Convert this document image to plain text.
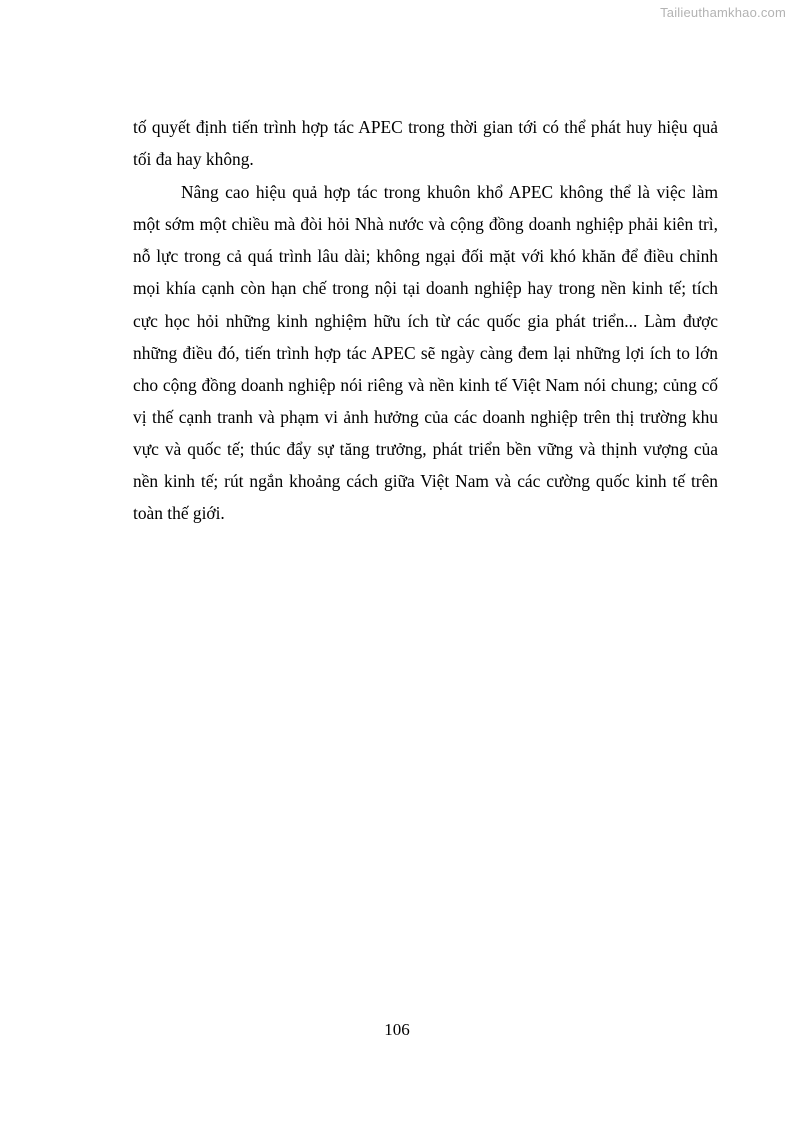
Tailieuthamkhao.com

tố quyết định tiến trình hợp tác APEC trong thời gian tới có thể phát huy hiệu quả tối đa hay không.

Nâng cao hiệu quả hợp tác trong khuôn khổ APEC không thể là việc làm một sớm một chiều mà đòi hỏi Nhà nước và cộng đồng doanh nghiệp phải kiên trì, nỗ lực trong cả quá trình lâu dài; không ngại đối mặt với khó khăn để điều chỉnh mọi khía cạnh còn hạn chế trong nội tại doanh nghiệp hay trong nền kinh tế; tích cực học hỏi những kinh nghiệm hữu ích từ các quốc gia phát triển... Làm được những điều đó, tiến trình hợp tác APEC sẽ ngày càng đem lại những lợi ích to lớn cho cộng đồng doanh nghiệp nói riêng và nền kinh tế Việt Nam nói chung; củng cố vị thế cạnh tranh và phạm vi ảnh hưởng của các doanh nghiệp trên thị trường khu vực và quốc tế; thúc đẩy sự tăng trưởng, phát triển bền vững và thịnh vượng của nền kinh tế; rút ngắn khoảng cách giữa Việt Nam và các cường quốc kinh tế trên toàn thế giới.

106
